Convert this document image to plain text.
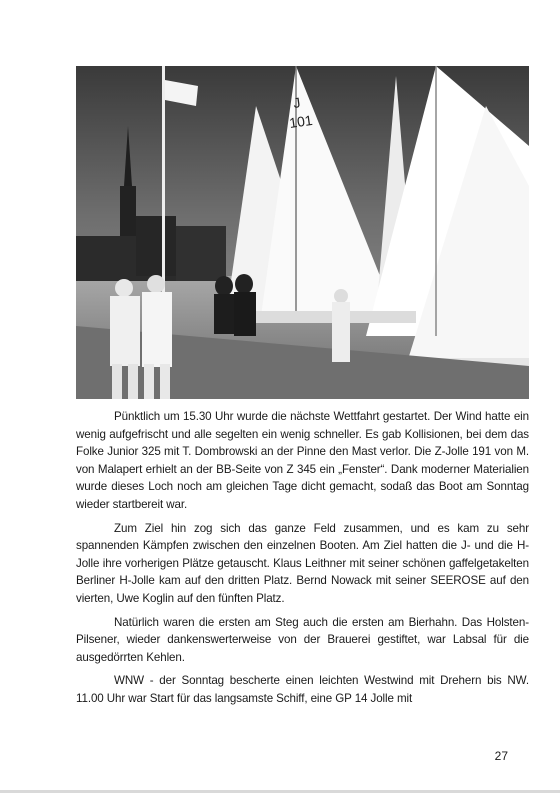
J
101

Pünktlich um 15.30 Uhr wurde die nächste Wettfahrt gestartet. Der Wind hatte ein wenig aufgefrischt und alle segelten ein wenig schneller. Es gab Kollisionen, bei dem das Folke Junior 325 mit T. Dombrowski an der Pinne den Mast verlor. Die Z-Jolle 191 von M. von Malapert erhielt an der BB-Seite von Z 345 ein „Fenster“. Dank moderner Materialien wurde dieses Loch noch am gleichen Tage dicht gemacht, sodaß das Boot am Sonntag wieder startbereit war.

Zum Ziel hin zog sich das ganze Feld zusammen, und es kam zu sehr spannenden Kämpfen zwischen den einzelnen Booten. Am Ziel hatten die J- und die H-Jolle ihre vorherigen Plätze getauscht. Klaus Leithner mit seiner schönen gaffelgetakelten Berliner H-Jolle kam auf den dritten Platz. Bernd Nowack mit seiner SEEROSE auf den vierten, Uwe Koglin auf den fünften Platz.

Natürlich waren die ersten am Steg auch die ersten am Bierhahn. Das Holsten-Pilsener, wieder dankenswerterweise von der Brauerei gestiftet, war Labsal für die ausgedörrten Kehlen.

WNW - der Sonntag bescherte einen leichten Westwind mit Drehern bis NW. 11.00 Uhr war Start für das langsamste Schiff, eine GP 14 Jolle mit

27
